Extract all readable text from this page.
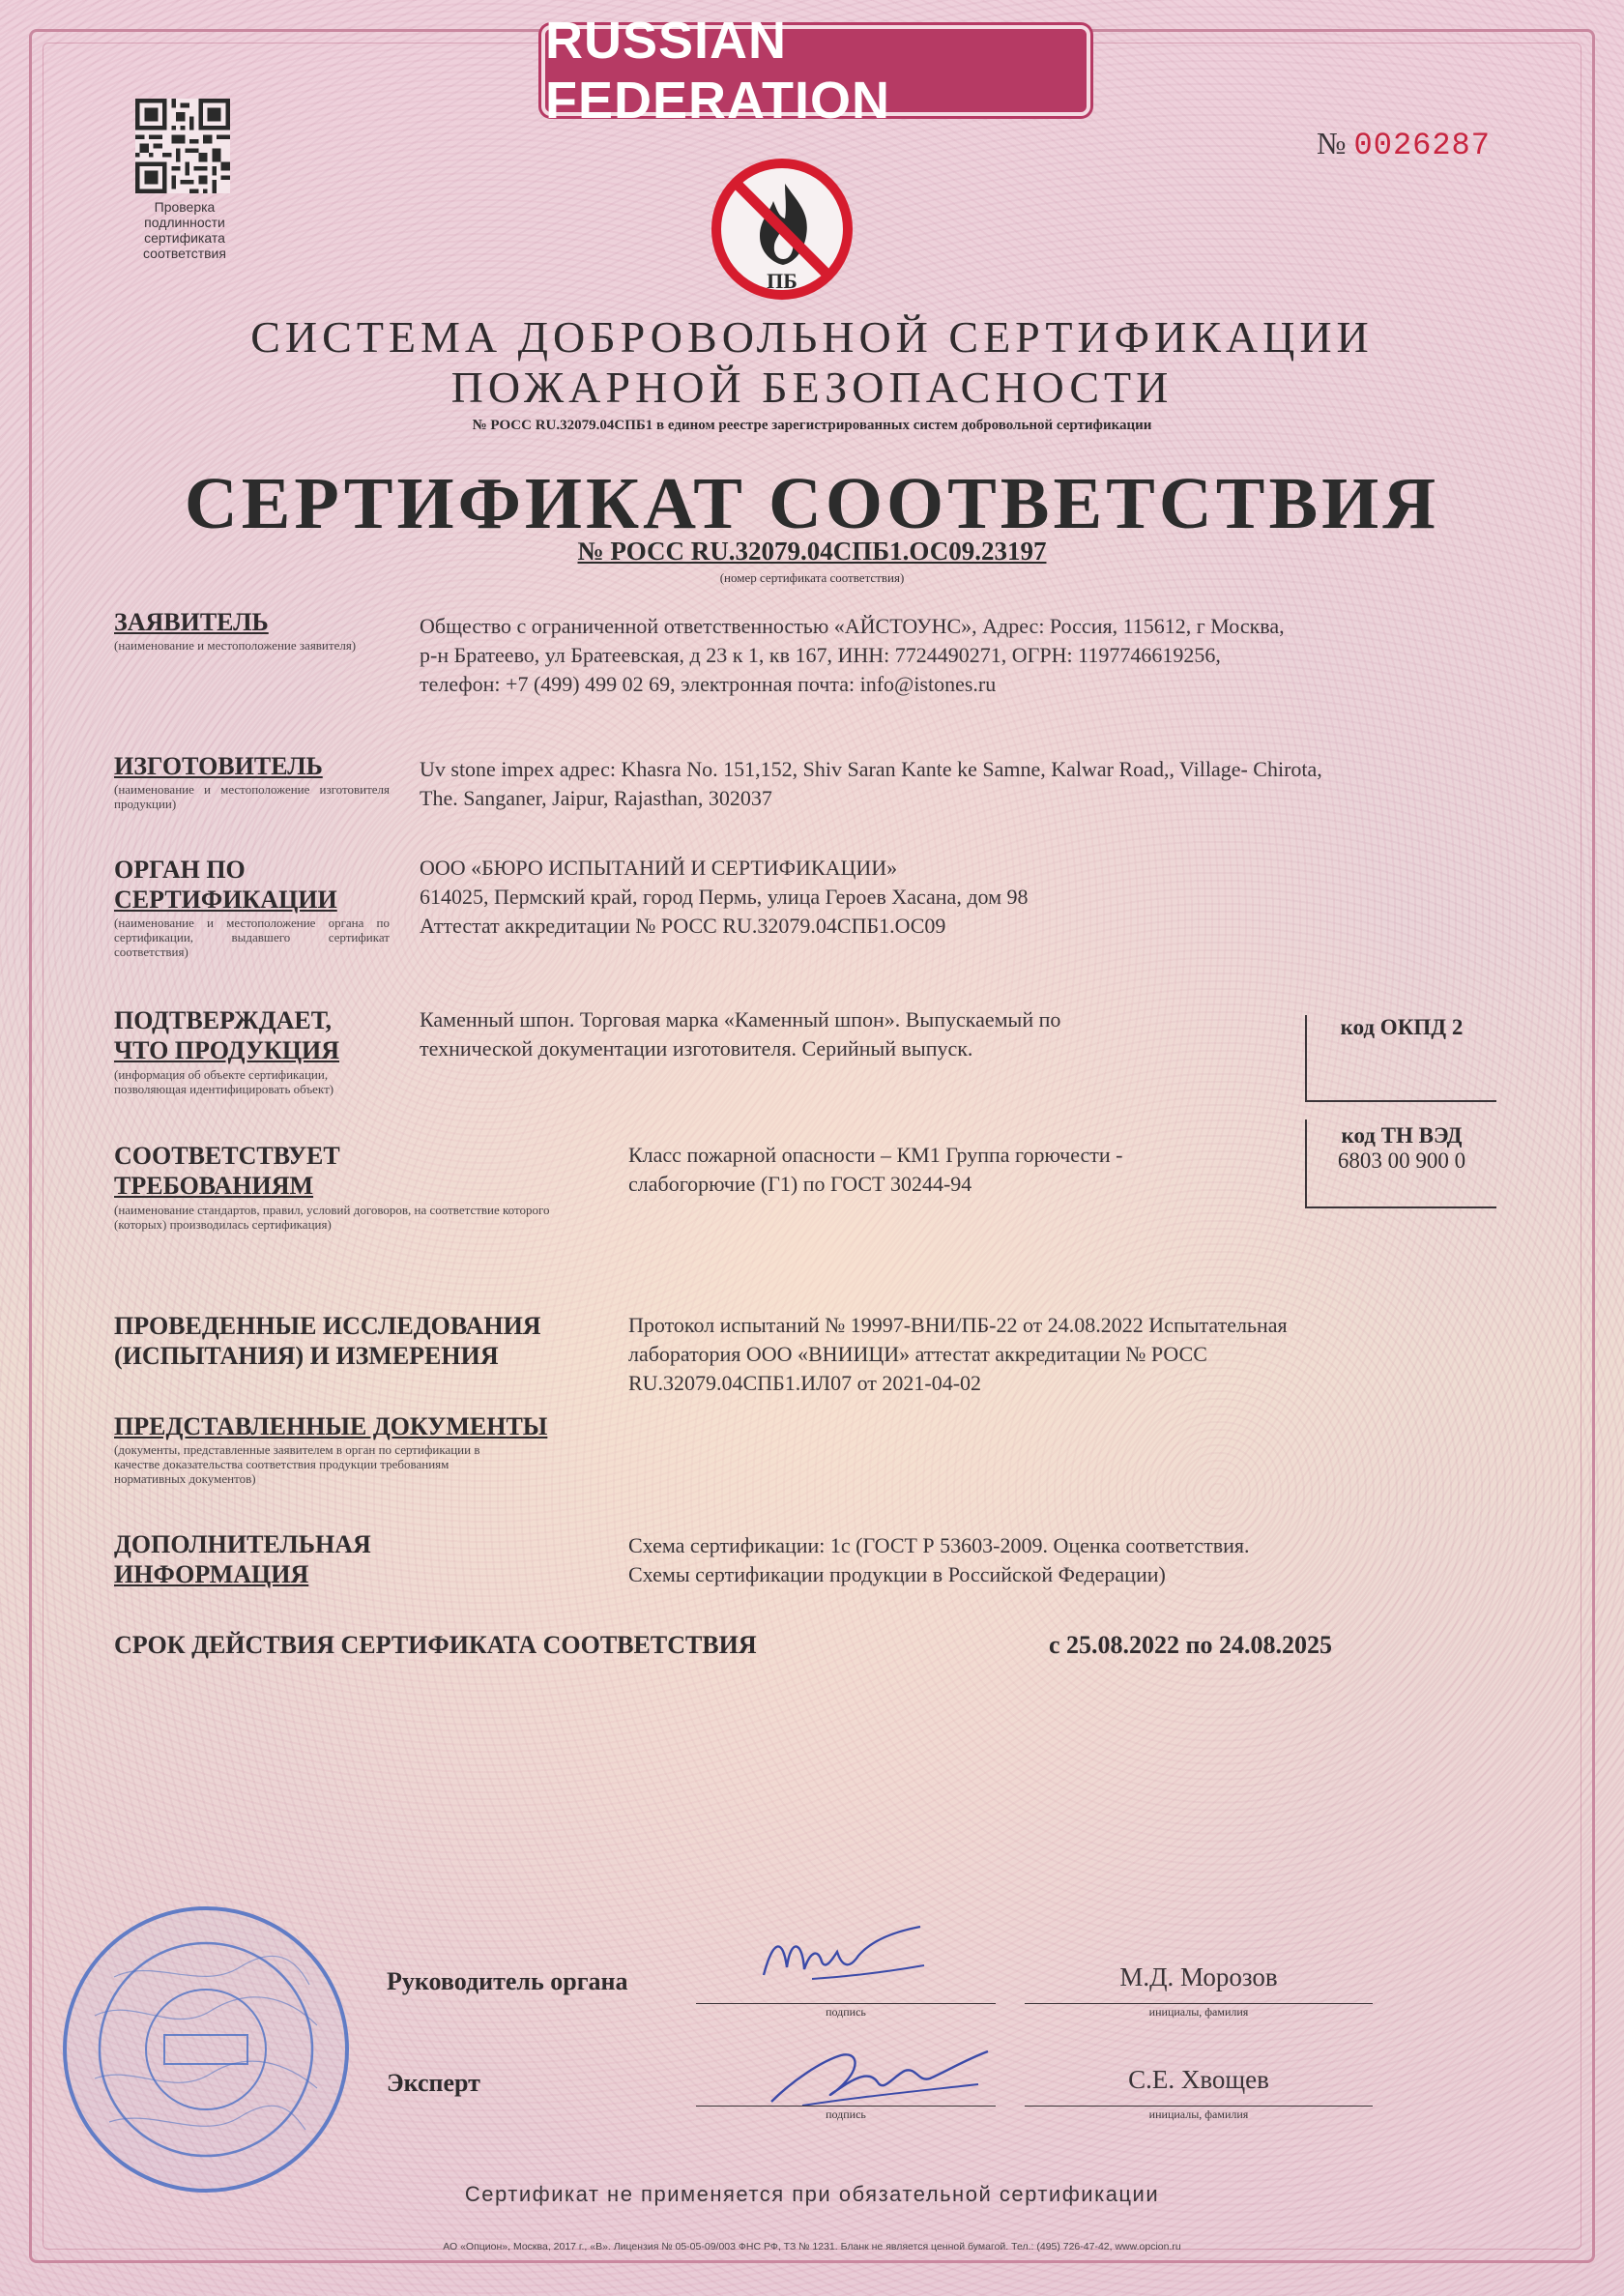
RUSSIAN FEDERATION
Проверка
подлинности
сертификата
соответствия
№ 0026287
ПБ
СИСТЕМА ДОБРОВОЛЬНОЙ СЕРТИФИКАЦИИ
ПОЖАРНОЙ БЕЗОПАСНОСТИ
№ РОСС RU.32079.04СПБ1 в едином реестре зарегистрированных систем добровольной сертификации
СЕРТИФИКАТ СООТВЕТСТВИЯ
№ РОСС RU.32079.04СПБ1.ОС09.23197
(номер сертификата соответствия)
ЗАЯВИТЕЛЬ
(наименование и местоположение заявителя)
Общество с ограниченной ответственностью «АЙСТОУНС», Адрес: Россия, 115612, г Москва,
р-н Братеево, ул Братеевская, д 23 к 1, кв 167, ИНН: 7724490271, ОГРН: 1197746619256,
телефон: +7 (499) 499 02 69, электронная почта: info@istones.ru
ИЗГОТОВИТЕЛЬ
(наименование и местоположение изготовителя продукции)
Uv stone impex адрес: Khasra No. 151,152, Shiv Saran Kante ke Samne, Kalwar Road,, Village- Chirota,
The. Sanganer, Jaipur, Rajasthan, 302037
ОРГАН ПО
СЕРТИФИКАЦИИ
(наименование и местоположение органа по сертификации, выдавшего сертификат соответствия)
ООО «БЮРО ИСПЫТАНИЙ И СЕРТИФИКАЦИИ»
614025, Пермский край, город Пермь, улица Героев Хасана, дом 98
Аттестат аккредитации № РОСС RU.32079.04СПБ1.ОС09
ПОДТВЕРЖДАЕТ,
ЧТО ПРОДУКЦИЯ
(информация об объекте сертификации, позволяющая идентифицировать объект)
Каменный шпон. Торговая марка «Каменный шпон». Выпускаемый по
технической документации изготовителя. Серийный выпуск.
код ОКПД 2
код ТН ВЭД
6803 00 900 0
СООТВЕТСТВУЕТ
ТРЕБОВАНИЯМ
(наименование стандартов, правил, условий договоров, на соответствие которого (которых) производилась сертификация)
Класс пожарной опасности – КМ1 Группа горючести -
слабогорючие (Г1) по ГОСТ 30244-94
ПРОВЕДЕННЫЕ ИССЛЕДОВАНИЯ
(ИСПЫТАНИЯ) И ИЗМЕРЕНИЯ
Протокол испытаний № 19997-ВНИ/ПБ-22 от 24.08.2022 Испытательная
лаборатория ООО «ВНИИЦИ» аттестат аккредитации № РОСС
RU.32079.04СПБ1.ИЛ07 от 2021-04-02
ПРЕДСТАВЛЕННЫЕ ДОКУМЕНТЫ
(документы, представленные заявителем в орган по сертификации в качестве доказательства соответствия продукции требованиям нормативных документов)
ДОПОЛНИТЕЛЬНАЯ
ИНФОРМАЦИЯ
Схема сертификации: 1с (ГОСТ Р 53603-2009. Оценка соответствия.
Схемы сертификации продукции в Российской Федерации)
СРОК ДЕЙСТВИЯ СЕРТИФИКАТА СООТВЕТСТВИЯ	с 25.08.2022 по 24.08.2025
Руководитель органа
подпись
М.Д. Морозов
инициалы, фамилия
Эксперт
подпись
С.Е. Хвощев
инициалы, фамилия
Сертификат не применяется при обязательной сертификации
АО «Опцион», Москва, 2017 г., «В». Лицензия № 05-05-09/003 ФНС РФ, ТЗ № 1231. Бланк не является ценной бумагой. Тел.: (495) 726-47-42, www.opcion.ru
